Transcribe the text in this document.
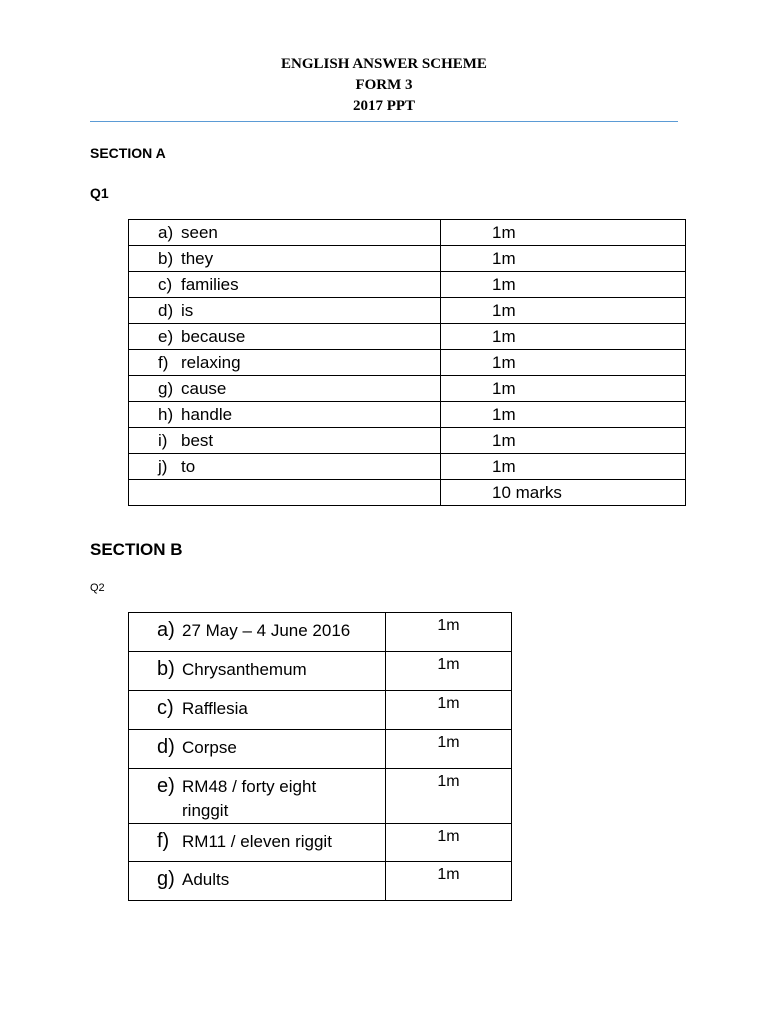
ENGLISH ANSWER SCHEME
FORM 3
2017 PPT
SECTION A
Q1
a) seen	1m
b) they	1m
c) families	1m
d) is	1m
e) because	1m
f) relaxing	1m
g) cause	1m
h) handle	1m
i) best	1m
j) to	1m
	10 marks
SECTION B
Q2
a) 27 May – 4 June 2016	1m

b) Chrysanthemum	1m

c) Rafflesia	1m

d) Corpse	1m

e) RM48 / forty eight
ringgit	1m

f) RM11 / eleven riggit	1m

g) Adults	1m
